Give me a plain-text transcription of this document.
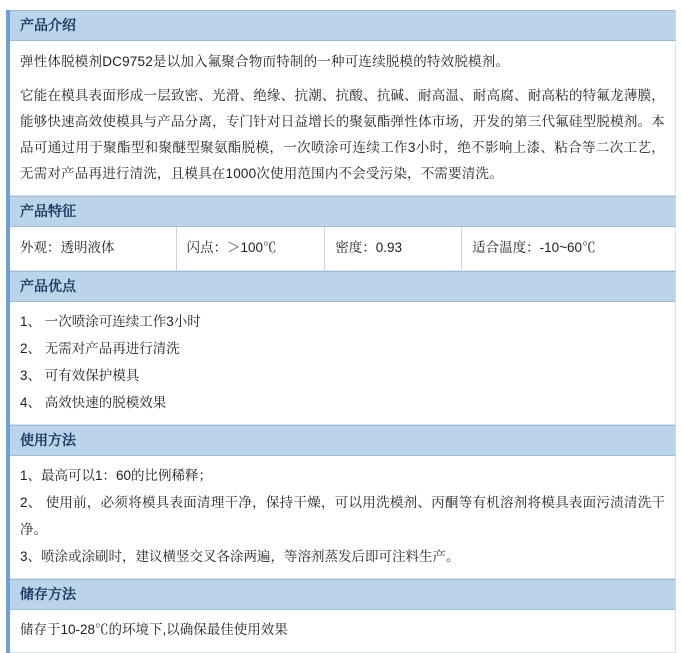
产品介绍
弹性体脱模剂DC9752是以加入氟聚合物而特制的一种可连续脱模的特效脱模剂。
它能在模具表面形成一层致密、光滑、绝缘、抗潮、抗酸、抗碱、耐高温、耐高腐、耐高粘的特氟龙薄膜，能够快速高效使模具与产品分离，专门针对日益增长的聚氨酯弹性体市场，开发的第三代氟硅型脱模剂。本品可通过用于聚酯型和聚醚型聚氨酯脱模，一次喷涂可连续工作3小时，绝不影响上漆、粘合等二次工艺，无需对产品再进行清洗，且模具在1000次使用范围内不会受污染，不需要清洗。
产品特征
外观：透明液体	闪点：＞100℃	密度：0.93	适合温度：-10~60℃
产品优点
1、 一次喷涂可连续工作3小时
2、 无需对产品再进行清洗
3、 可有效保护模具
4、 高效快速的脱模效果
使用方法
1、最高可以1：60的比例稀释；
2、 使用前，必须将模具表面清理干净，保持干燥，可以用洗模剂、丙酮等有机溶剂将模具表面污渍清洗干净。
3、喷涂或涂刷时，建议横竖交叉各涂两遍，等溶剂蒸发后即可注料生产。
储存方法
储存于10-28℃的环境下,以确保最佳使用效果
